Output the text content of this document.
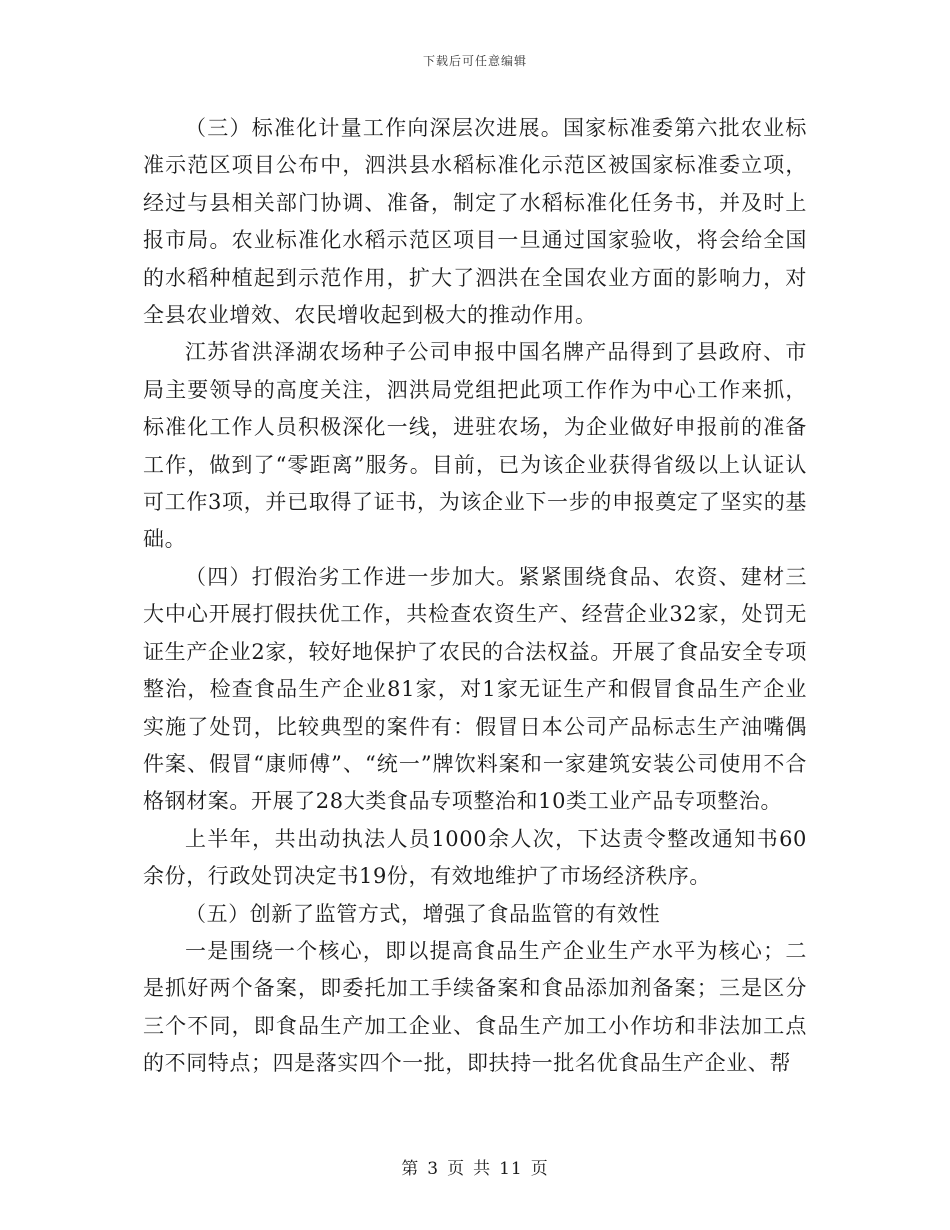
下载后可任意编辑

（三）标准化计量工作向深层次进展。国家标准委第六批农业标准示范区项目公布中，泗洪县水稻标准化示范区被国家标准委立项，经过与县相关部门协调、准备，制定了水稻标准化任务书，并及时上报市局。农业标准化水稻示范区项目一旦通过国家验收，将会给全国的水稻种植起到示范作用，扩大了泗洪在全国农业方面的影响力，对全县农业增效、农民增收起到极大的推动作用。

江苏省洪泽湖农场种子公司申报中国名牌产品得到了县政府、市局主要领导的高度关注，泗洪局党组把此项工作作为中心工作来抓，标准化工作人员积极深化一线，进驻农场，为企业做好申报前的准备工作，做到了“零距离”服务。目前，已为该企业获得省级以上认证认可工作3项，并已取得了证书，为该企业下一步的申报奠定了坚实的基础。

（四）打假治劣工作进一步加大。紧紧围绕食品、农资、建材三大中心开展打假扶优工作，共检查农资生产、经营企业32家，处罚无证生产企业2家，较好地保护了农民的合法权益。开展了食品安全专项整治，检查食品生产企业81家，对1家无证生产和假冒食品生产企业实施了处罚，比较典型的案件有：假冒日本公司产品标志生产油嘴偶件案、假冒“康师傅”、“统一”牌饮料案和一家建筑安装公司使用不合格钢材案。开展了28大类食品专项整治和10类工业产品专项整治。

上半年，共出动执法人员1000余人次，下达责令整改通知书60余份，行政处罚决定书19份，有效地维护了市场经济秩序。

（五）创新了监管方式，增强了食品监管的有效性

一是围绕一个核心，即以提高食品生产企业生产水平为核心；二是抓好两个备案，即委托加工手续备案和食品添加剂备案；三是区分三个不同，即食品生产加工企业、食品生产加工小作坊和非法加工点的不同特点；四是落实四个一批，即扶持一批名优食品生产企业、帮

第 3 页 共 11 页
